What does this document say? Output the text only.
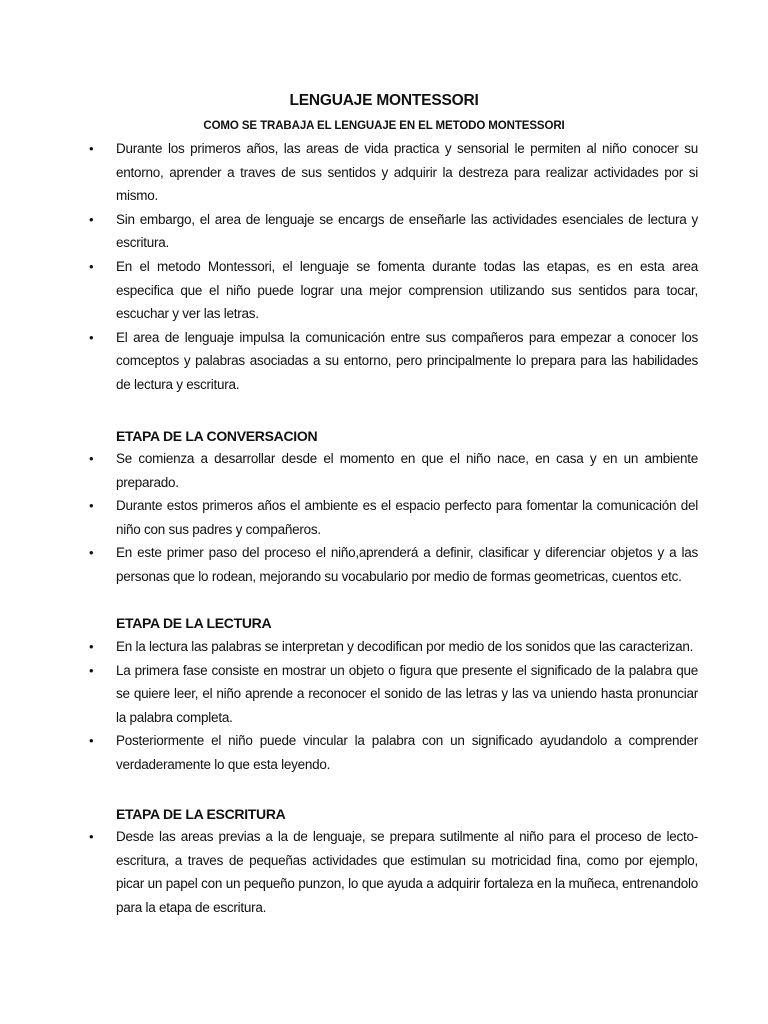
LENGUAJE MONTESSORI
COMO SE TRABAJA EL LENGUAJE EN EL METODO MONTESSORI
• Durante los primeros años, las areas de vida practica y sensorial le permiten al niño conocer su entorno, aprender a traves de sus sentidos y adquirir la destreza para realizar actividades por si mismo.
• Sin embargo, el area de lenguaje se encargs de enseñarle las actividades esenciales de lectura y escritura.
• En el metodo Montessori, el lenguaje se fomenta durante todas las etapas, es en esta area especifica que el niño puede lograr una mejor comprension utilizando sus sentidos para tocar, escuchar y ver las letras.
• El area de lenguaje impulsa la comunicación entre sus compañeros para empezar a conocer los comceptos y palabras asociadas a su entorno, pero principalmente lo prepara para las habilidades de lectura y escritura.
ETAPA DE LA CONVERSACION
• Se comienza a desarrollar desde el momento en que el niño nace, en casa y en un ambiente preparado.
• Durante estos primeros años el ambiente es el espacio perfecto para fomentar la comunicación del niño con sus padres y compañeros.
• En este primer paso del proceso el niño,aprenderá a definir, clasificar y diferenciar objetos y a las personas que lo rodean, mejorando su vocabulario por medio de formas geometricas, cuentos etc.
ETAPA DE LA LECTURA
• En la lectura las palabras se interpretan y decodifican por medio de los sonidos que las caracterizan.
• La primera fase consiste en mostrar un objeto o figura que presente el significado de la palabra que se quiere leer, el niño aprende a reconocer el sonido de las letras y las va uniendo hasta pronunciar la palabra completa.
• Posteriormente el niño puede vincular la palabra con un significado ayudandolo a comprender verdaderamente lo que esta leyendo.
ETAPA DE LA ESCRITURA
• Desde las areas previas a la de lenguaje, se prepara sutilmente al niño para el proceso de lecto-escritura, a traves de pequeñas actividades que estimulan su motricidad fina, como por ejemplo, picar un papel con un pequeño punzon, lo que ayuda a adquirir fortaleza en la muñeca, entrenandolo para la etapa de escritura.
